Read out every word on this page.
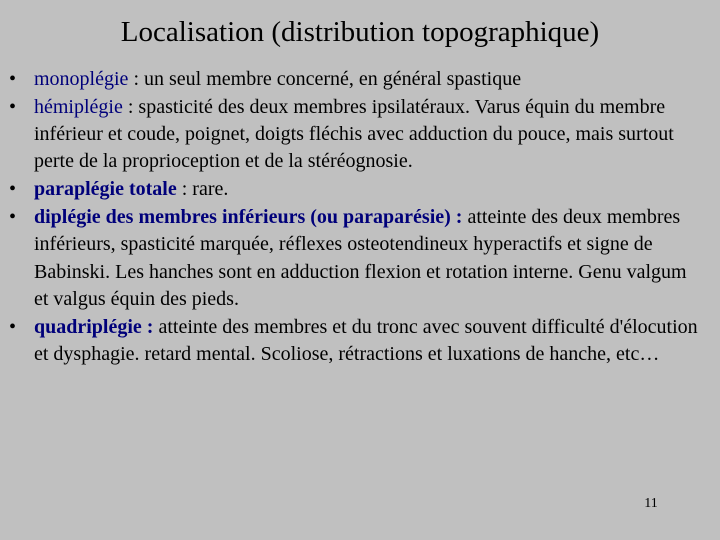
Localisation (distribution topographique)
• monoplégie : un seul membre concerné, en général spastique
• hémiplégie : spasticité des deux membres ipsilatéraux. Varus équin du membre inférieur et coude, poignet, doigts fléchis avec adduction du pouce, mais surtout perte de la proprioception et de la stéréognosie.
• paraplégie totale : rare.
• diplégie des membres inférieurs (ou paraparésie) : atteinte des deux membres inférieurs, spasticité marquée, réflexes osteotendineux hyperactifs et signe de Babinski. Les hanches sont en adduction flexion et rotation interne. Genu valgum et valgus équin des pieds.
• quadriplégie : atteinte des membres et du tronc avec souvent difficulté d'élocution et dysphagie. retard mental. Scoliose, rétractions et luxations de hanche, etc…
11
